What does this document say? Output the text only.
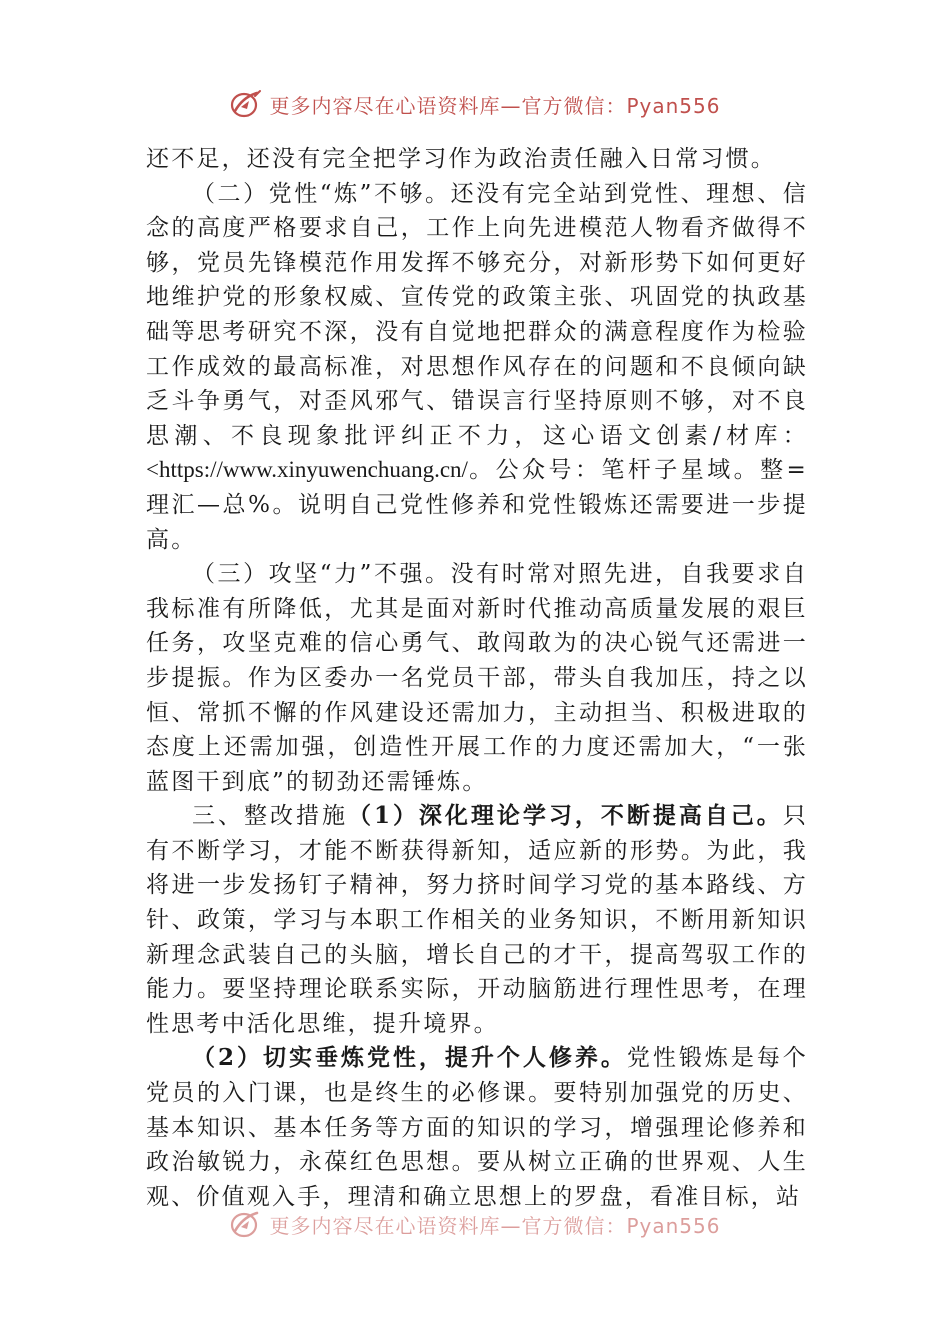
更多内容尽在心语资料库—官方微信：Pyan556

还不足，还没有完全把学习作为政治责任融入日常习惯。

（二）党性“炼”不够。还没有完全站到党性、理想、信念的高度严格要求自己，工作上向先进模范人物看齐做得不够，党员先锋模范作用发挥不够充分，对新形势下如何更好地维护党的形象权威、宣传党的政策主张、巩固党的执政基础等思考研究不深，没有自觉地把群众的满意程度作为检验工作成效的最高标准，对思想作风存在的问题和不良倾向缺乏斗争勇气，对歪风邪气、错误言行坚持原则不够，对不良思潮、不良现象批评纠正不力，这心语文创素/材库：<https://www.xinyuwenchuang.cn/。公众号：笔杆子星域。整=理汇—总%。说明自己党性修养和党性锻炼还需要进一步提高。

（三）攻坚“力”不强。没有时常对照先进，自我要求自我标准有所降低，尤其是面对新时代推动高质量发展的艰巨任务，攻坚克难的信心勇气、敢闯敢为的决心锐气还需进一步提振。作为区委办一名党员干部，带头自我加压，持之以恒、常抓不懈的作风建设还需加力，主动担当、积极进取的态度上还需加强，创造性开展工作的力度还需加大，“一张蓝图干到底”的韧劲还需锤炼。

三、整改措施（1）深化理论学习，不断提高自己。只有不断学习，才能不断获得新知，适应新的形势。为此，我将进一步发扬钉子精神，努力挤时间学习党的基本路线、方针、政策，学习与本职工作相关的业务知识，不断用新知识新理念武装自己的头脑，增长自己的才干，提高驾驭工作的能力。要坚持理论联系实际，开动脑筋进行理性思考，在理性思考中活化思维，提升境界。

（2）切实垂炼党性，提升个人修养。党性锻炼是每个党员的入门课，也是终生的必修课。要特别加强党的历史、基本知识、基本任务等方面的知识的学习，增强理论修养和政治敏锐力，永葆红色思想。要从树立正确的世界观、人生观、价值观入手，理清和确立思想上的罗盘，看准目标，站

更多内容尽在心语资料库—官方微信：Pyan556
